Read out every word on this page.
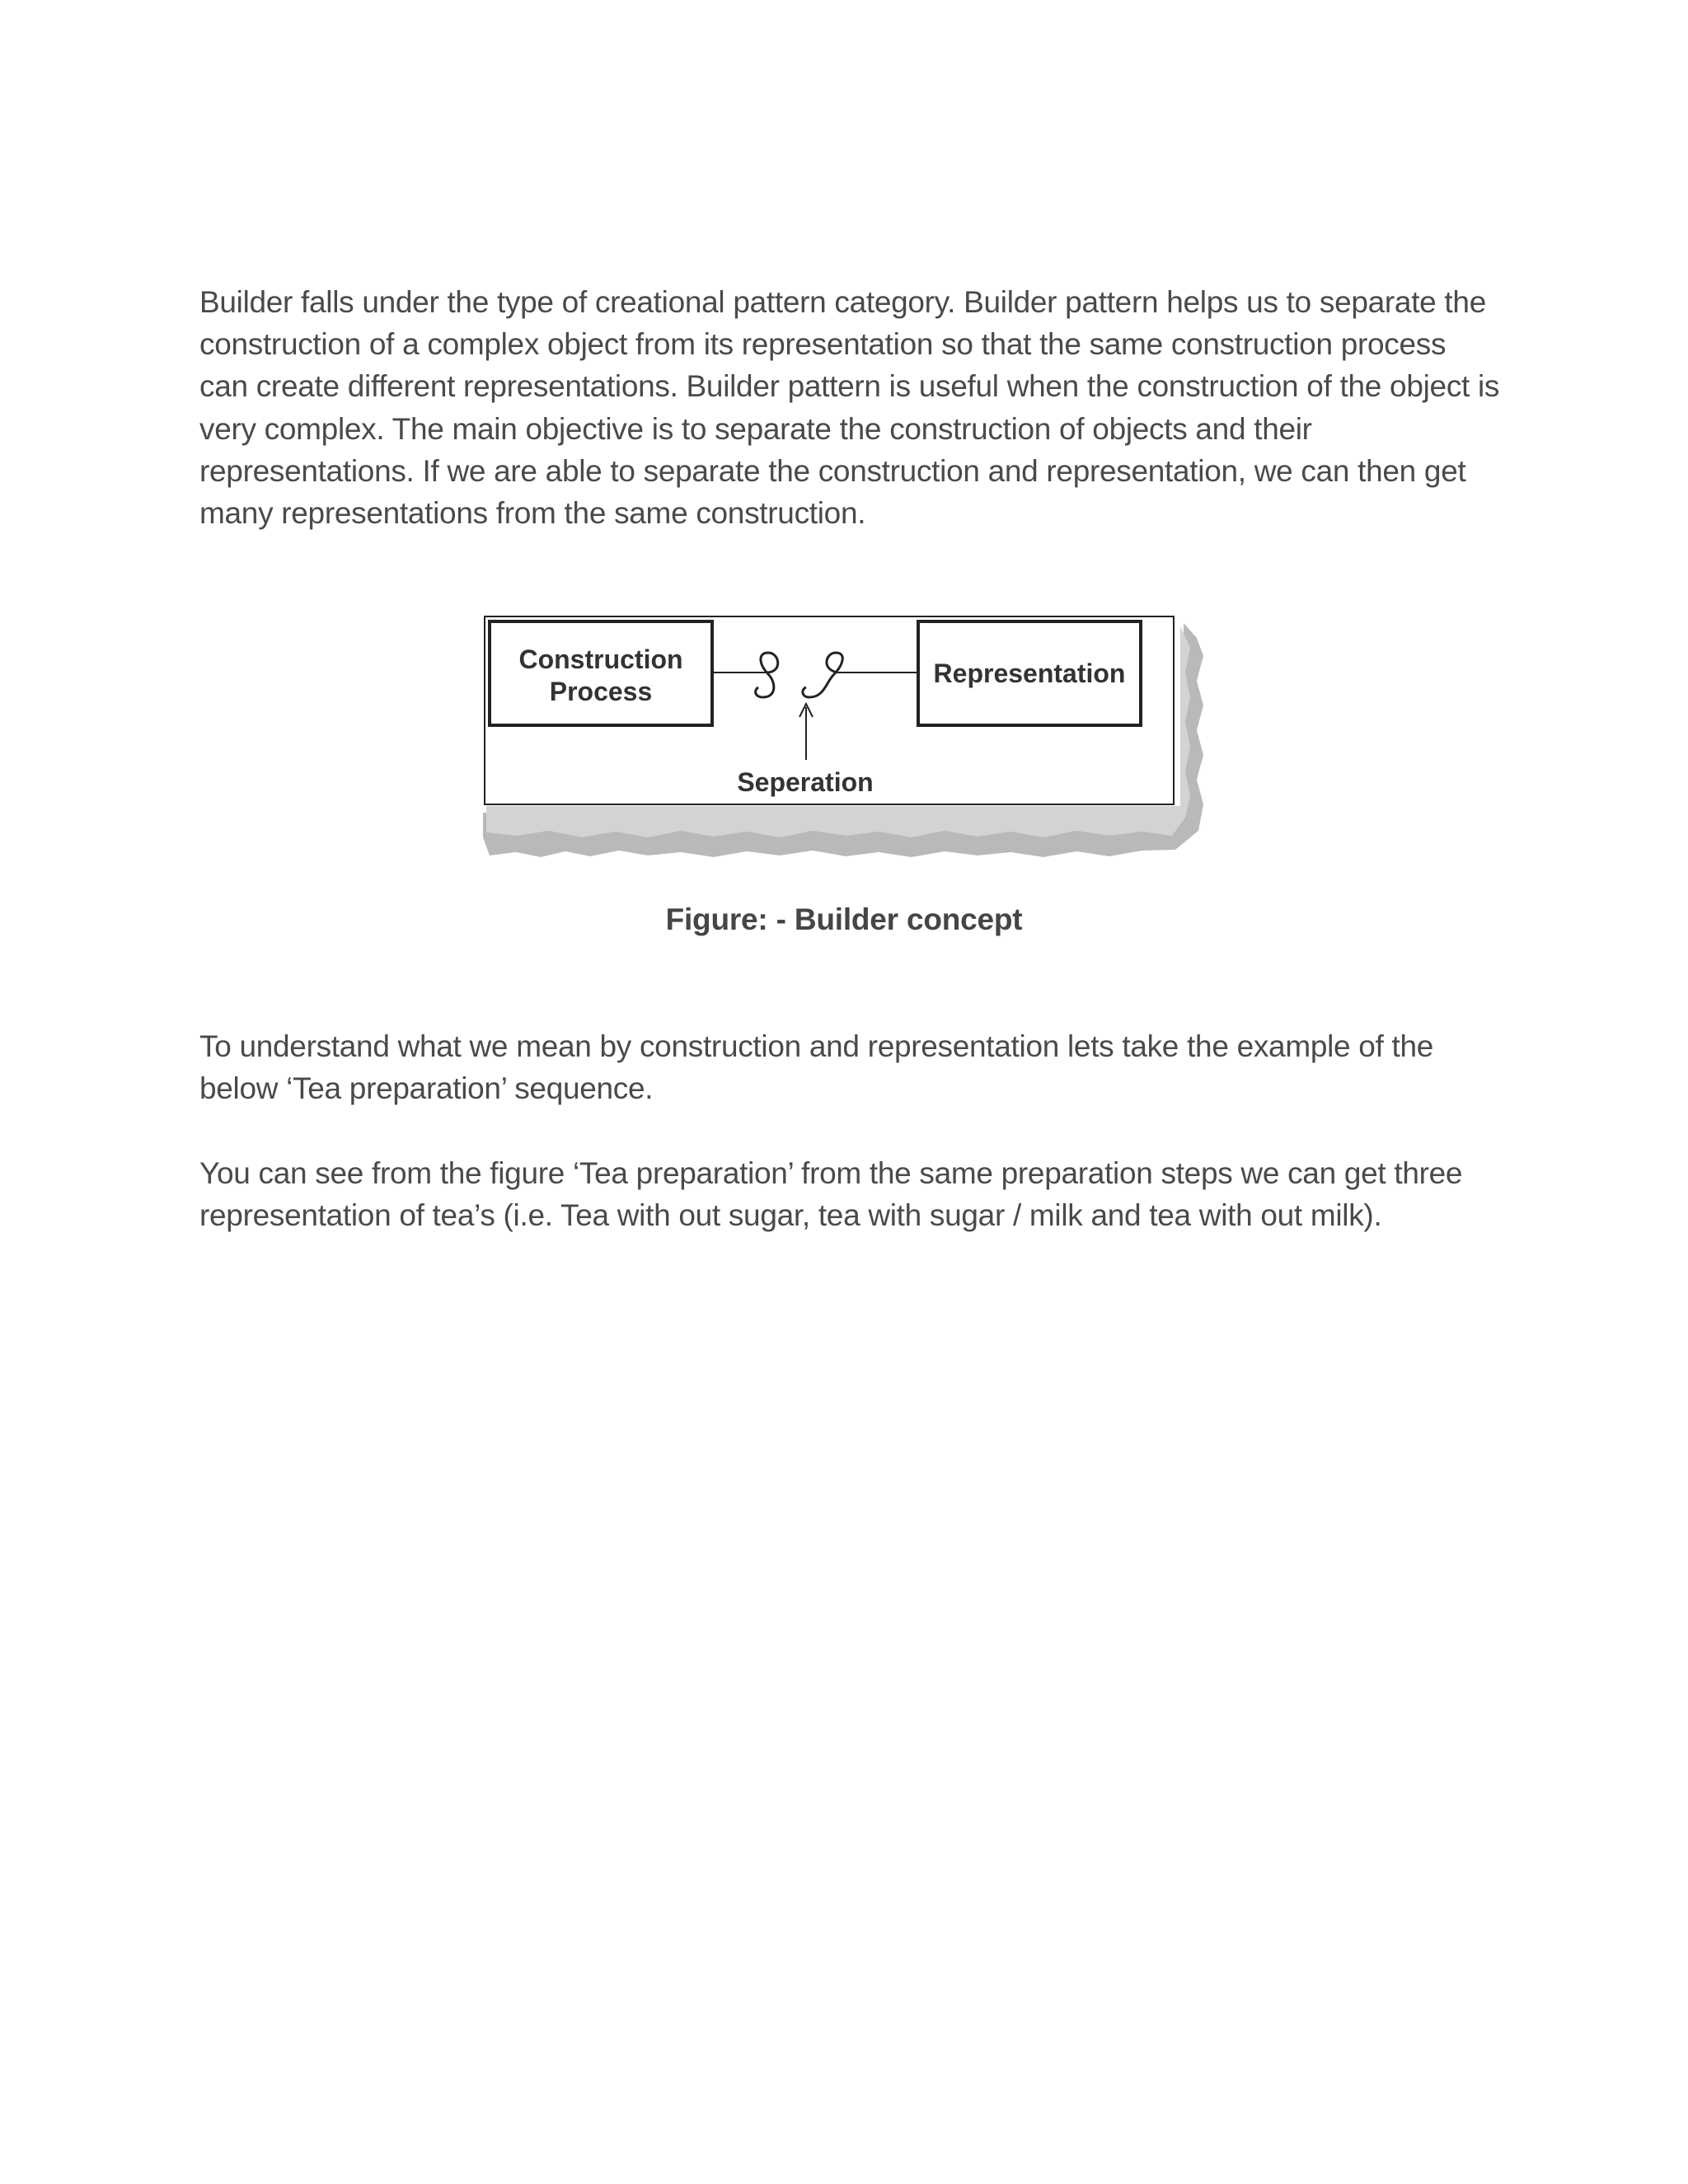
Builder falls under the type of creational pattern category. Builder pattern helps us to separate the construction of a complex object from its representation so that the same construction process can create different representations. Builder pattern is useful when the construction of the object is very complex. The main objective is to separate the construction of objects and their representations. If we are able to separate the construction and representation, we can then get many representations from the same construction.

Construction
Process
Representation
Seperation
Figure: - Builder concept

To understand what we mean by construction and representation lets take the example of the below ‘Tea preparation’ sequence.

You can see from the figure ‘Tea preparation’ from the same preparation steps we can get three representation of tea’s (i.e. Tea with out sugar, tea with sugar / milk and tea with out milk).
